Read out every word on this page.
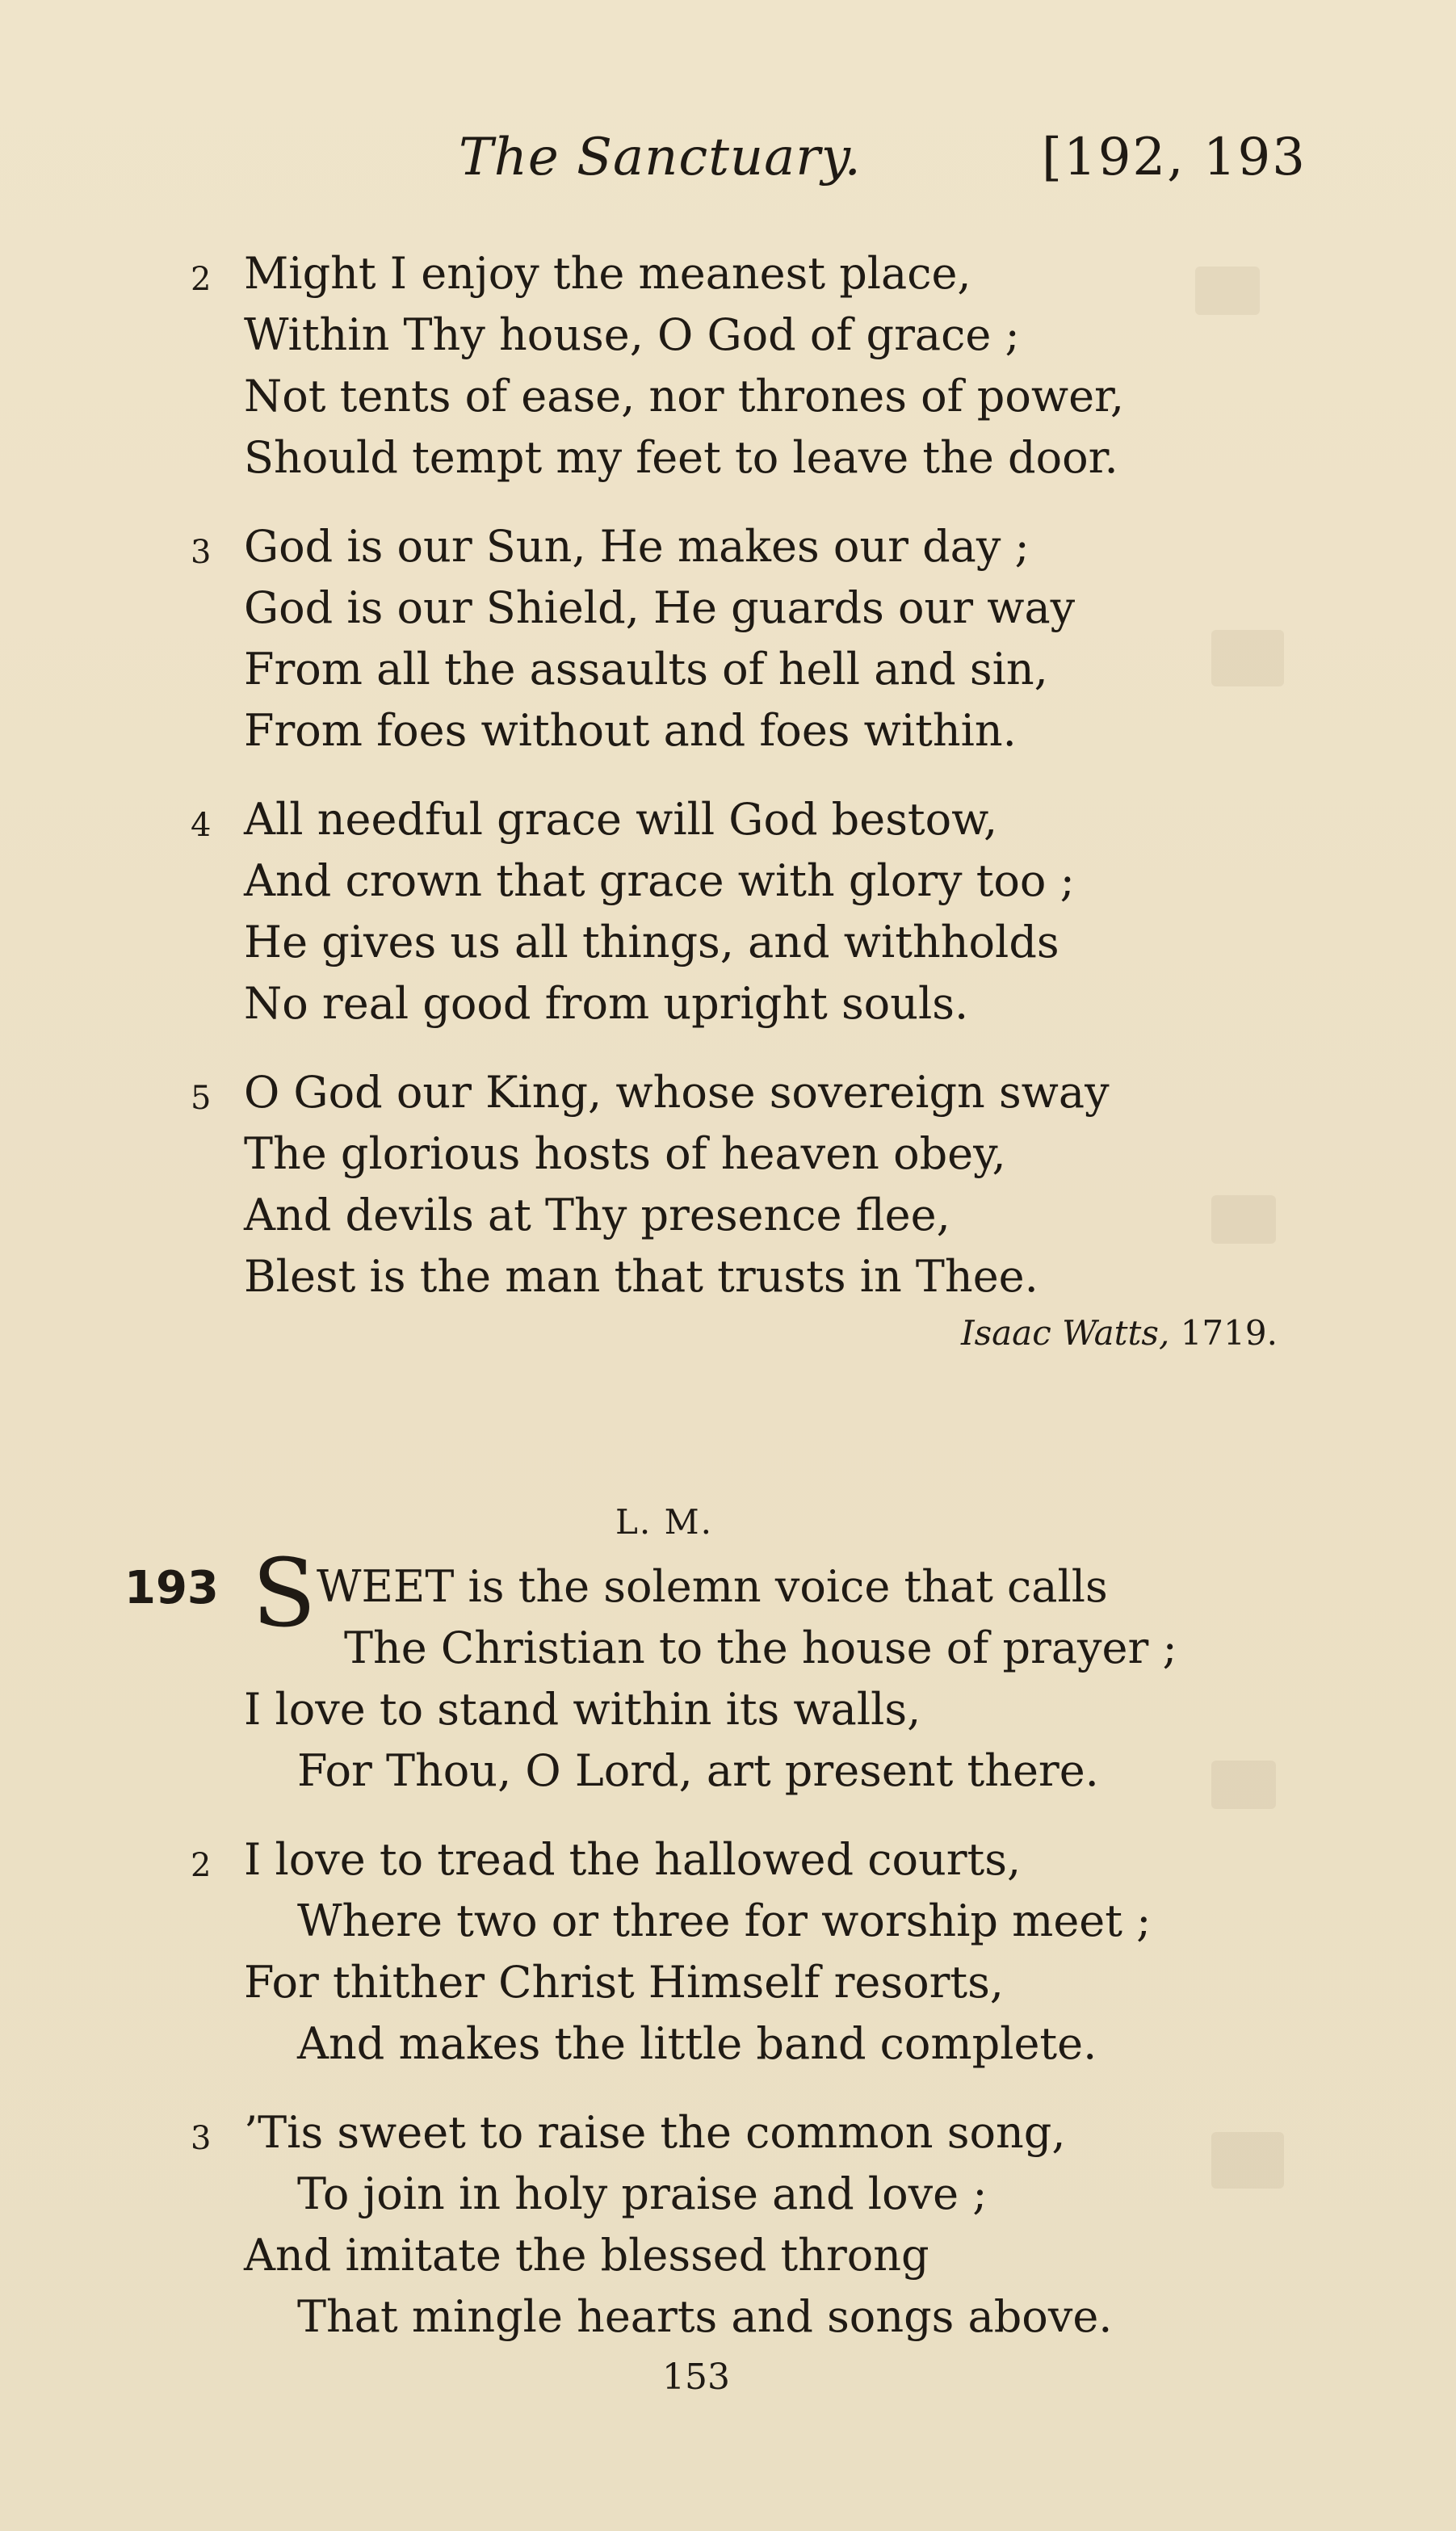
The Sanctuary.	[192, 193
2 Might I enjoy the meanest place,
Within Thy house, O God of grace ;
Not tents of ease, nor thrones of power,
Should tempt my feet to leave the door.
3 God is our Sun, He makes our day ;
God is our Shield, He guards our way
From all the assaults of hell and sin,
From foes without and foes within.
4 All needful grace will God bestow,
And crown that grace with glory too ;
He gives us all things, and withholds
No real good from upright souls.
5 O God our King, whose sovereign sway
The glorious hosts of heaven obey,
And devils at Thy presence flee,
Blest is the man that trusts in Thee.
Isaac Watts, 1719.
L. M.
193 S WEET is the solemn voice that calls
The Christian to the house of prayer ;
I love to stand within its walls,
For Thou, O Lord, art present there.
2 I love to tread the hallowed courts,
Where two or three for worship meet ;
For thither Christ Himself resorts,
And makes the little band complete.
3 ’Tis sweet to raise the common song,
To join in holy praise and love ;
And imitate the blessed throng
That mingle hearts and songs above.
153
